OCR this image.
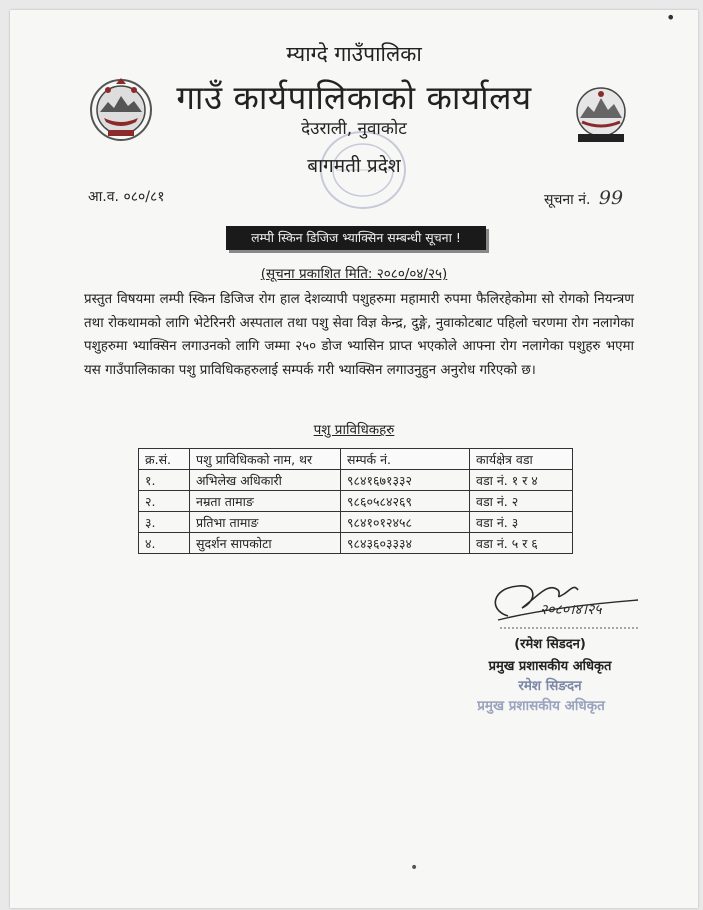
•
म्याग्दे गाउँपालिका
गाउँ कार्यपालिकाको कार्यालय
देउराली, नुवाकोट
बागमती प्रदेश
आ.व. ०८०/८१	सूचना नं. 99
लम्पी स्किन डिजिज भ्याक्सिन सम्बन्धी सूचना !
(सूचना प्रकाशित मिति: २०८०/०४/२५)
प्रस्तुत विषयमा लम्पी स्किन डिजिज रोग हाल देशव्यापी पशुहरुमा महामारी रुपमा फैलिरहेकोमा सो रोगको नियन्त्रण तथा रोकथामको लागि भेटेरिनरी अस्पताल तथा पशु सेवा विज्ञ केन्द्र, दुङ्गे, नुवाकोटबाट पहिलो चरणमा रोग नलागेका पशुहरुमा भ्याक्सिन लगाउनको लागि जम्मा २५० डोज भ्यासिन प्राप्त भएकोले आफ्ना रोग नलागेका पशुहरु भएमा यस गाउँपालिकाका पशु प्राविधिकहरुलाई सम्पर्क गरी भ्याक्सिन लगाउनुहुन अनुरोध गरिएको छ।
पशु प्राविधिकहरु
क्र.सं.	पशु प्राविधिकको नाम, थर	सम्पर्क नं.	कार्यक्षेत्र वडा
१.	अभिलेख अधिकारी	९८४१६७१३३२	वडा नं. १ र ४
२.	नम्रता तामाङ	९८६०५८४२६९	वडा नं. २
३.	प्रतिभा तामाङ	९८४१०१२४५८	वडा नं. ३
४.	सुदर्शन सापकोटा	९८४३६०३३३४	वडा नं. ५ र ६
२०८०।४।२५
(रमेश सिडदन)
प्रमुख प्रशासकीय अधिकृत
रमेश सिङदन
प्रमुख प्रशासकीय अधिकृत
•
